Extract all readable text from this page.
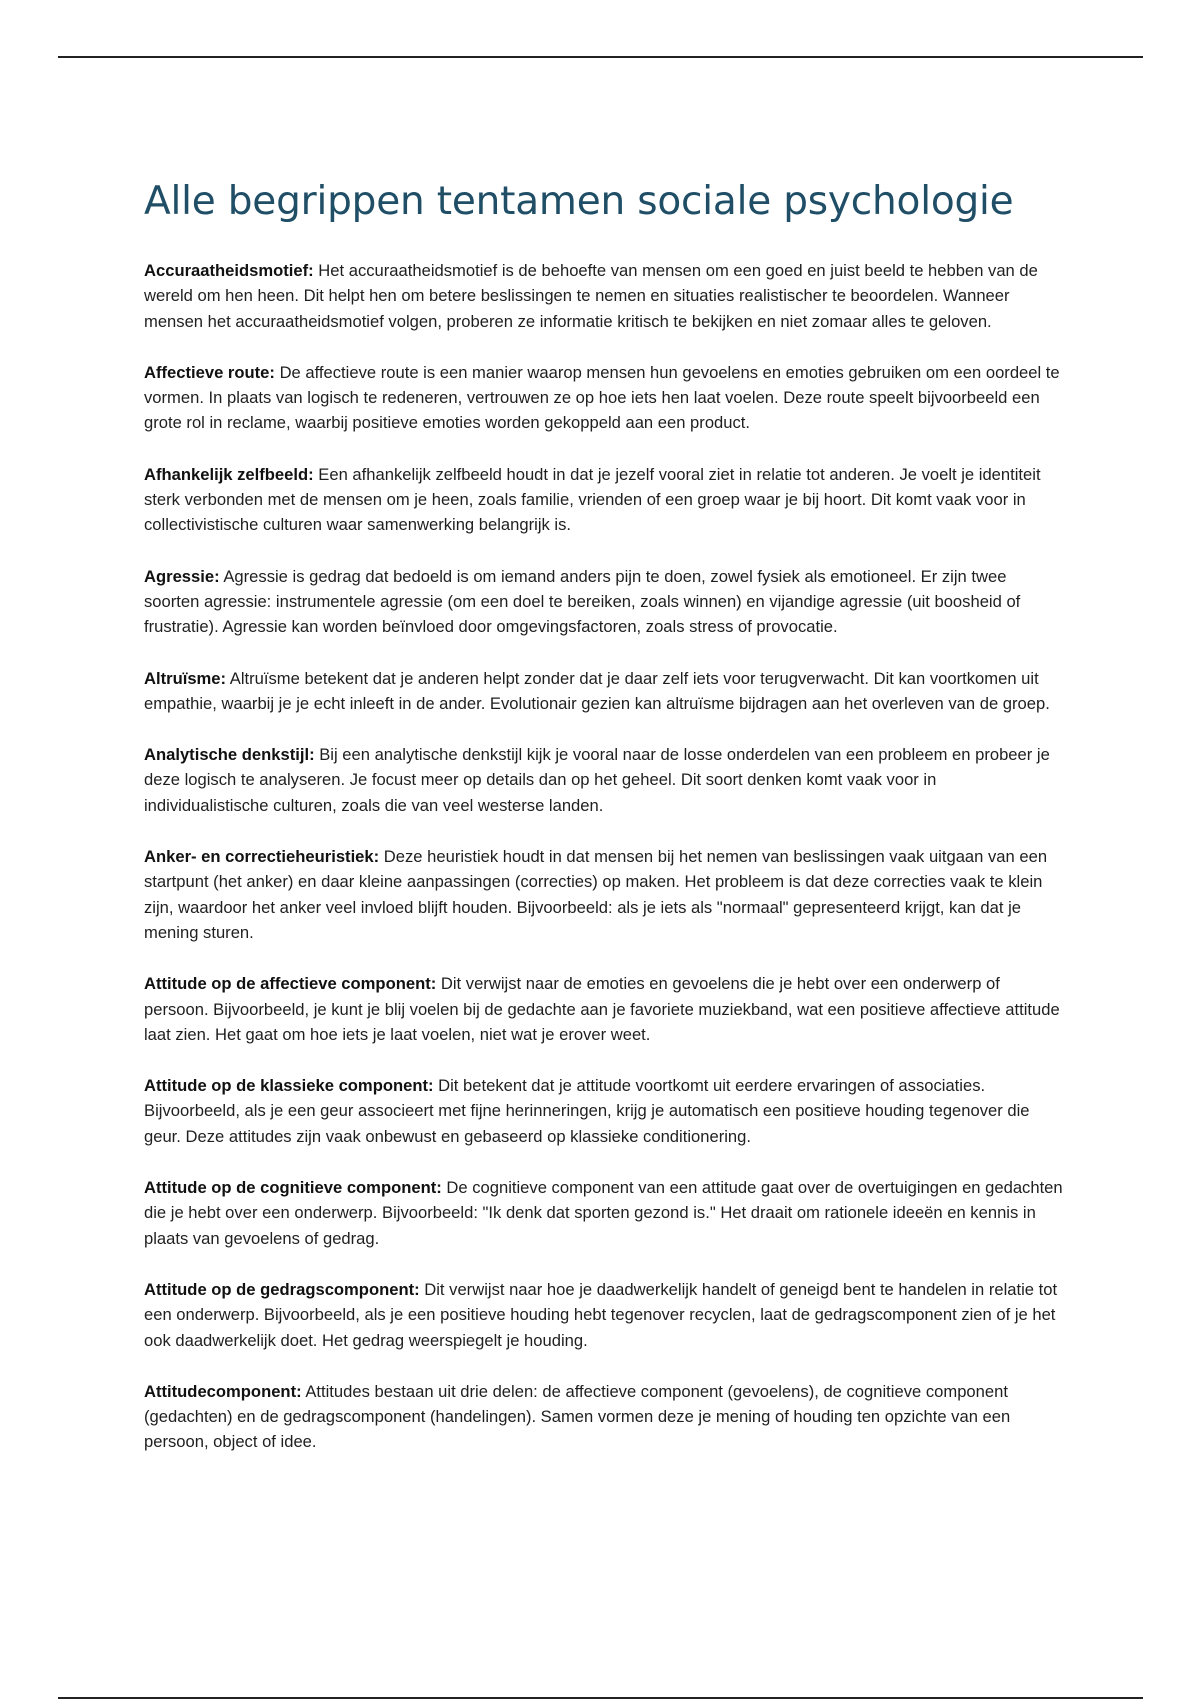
Alle begrippen tentamen sociale psychologie

Accuraatheidsmotief: Het accuraatheidsmotief is de behoefte van mensen om een goed en juist beeld te hebben van de wereld om hen heen. Dit helpt hen om betere beslissingen te nemen en situaties realistischer te beoordelen. Wanneer mensen het accuraatheidsmotief volgen, proberen ze informatie kritisch te bekijken en niet zomaar alles te geloven.

Affectieve route: De affectieve route is een manier waarop mensen hun gevoelens en emoties gebruiken om een oordeel te vormen. In plaats van logisch te redeneren, vertrouwen ze op hoe iets hen laat voelen. Deze route speelt bijvoorbeeld een grote rol in reclame, waarbij positieve emoties worden gekoppeld aan een product.

Afhankelijk zelfbeeld: Een afhankelijk zelfbeeld houdt in dat je jezelf vooral ziet in relatie tot anderen. Je voelt je identiteit sterk verbonden met de mensen om je heen, zoals familie, vrienden of een groep waar je bij hoort. Dit komt vaak voor in collectivistische culturen waar samenwerking belangrijk is.

Agressie: Agressie is gedrag dat bedoeld is om iemand anders pijn te doen, zowel fysiek als emotioneel. Er zijn twee soorten agressie: instrumentele agressie (om een doel te bereiken, zoals winnen) en vijandige agressie (uit boosheid of frustratie). Agressie kan worden beïnvloed door omgevingsfactoren, zoals stress of provocatie.

Altruïsme: Altruïsme betekent dat je anderen helpt zonder dat je daar zelf iets voor terugverwacht. Dit kan voortkomen uit empathie, waarbij je je echt inleeft in de ander. Evolutionair gezien kan altruïsme bijdragen aan het overleven van de groep.

Analytische denkstijl: Bij een analytische denkstijl kijk je vooral naar de losse onderdelen van een probleem en probeer je deze logisch te analyseren. Je focust meer op details dan op het geheel. Dit soort denken komt vaak voor in individualistische culturen, zoals die van veel westerse landen.

Anker- en correctieheuristiek: Deze heuristiek houdt in dat mensen bij het nemen van beslissingen vaak uitgaan van een startpunt (het anker) en daar kleine aanpassingen (correcties) op maken. Het probleem is dat deze correcties vaak te klein zijn, waardoor het anker veel invloed blijft houden. Bijvoorbeeld: als je iets als "normaal" gepresenteerd krijgt, kan dat je mening sturen.

Attitude op de affectieve component: Dit verwijst naar de emoties en gevoelens die je hebt over een onderwerp of persoon. Bijvoorbeeld, je kunt je blij voelen bij de gedachte aan je favoriete muziekband, wat een positieve affectieve attitude laat zien. Het gaat om hoe iets je laat voelen, niet wat je erover weet.

Attitude op de klassieke component: Dit betekent dat je attitude voortkomt uit eerdere ervaringen of associaties. Bijvoorbeeld, als je een geur associeert met fijne herinneringen, krijg je automatisch een positieve houding tegenover die geur. Deze attitudes zijn vaak onbewust en gebaseerd op klassieke conditionering.

Attitude op de cognitieve component: De cognitieve component van een attitude gaat over de overtuigingen en gedachten die je hebt over een onderwerp. Bijvoorbeeld: "Ik denk dat sporten gezond is." Het draait om rationele ideeën en kennis in plaats van gevoelens of gedrag.

Attitude op de gedragscomponent: Dit verwijst naar hoe je daadwerkelijk handelt of geneigd bent te handelen in relatie tot een onderwerp. Bijvoorbeeld, als je een positieve houding hebt tegenover recyclen, laat de gedragscomponent zien of je het ook daadwerkelijk doet. Het gedrag weerspiegelt je houding.

Attitudecomponent: Attitudes bestaan uit drie delen: de affectieve component (gevoelens), de cognitieve component (gedachten) en de gedragscomponent (handelingen). Samen vormen deze je mening of houding ten opzichte van een persoon, object of idee.
